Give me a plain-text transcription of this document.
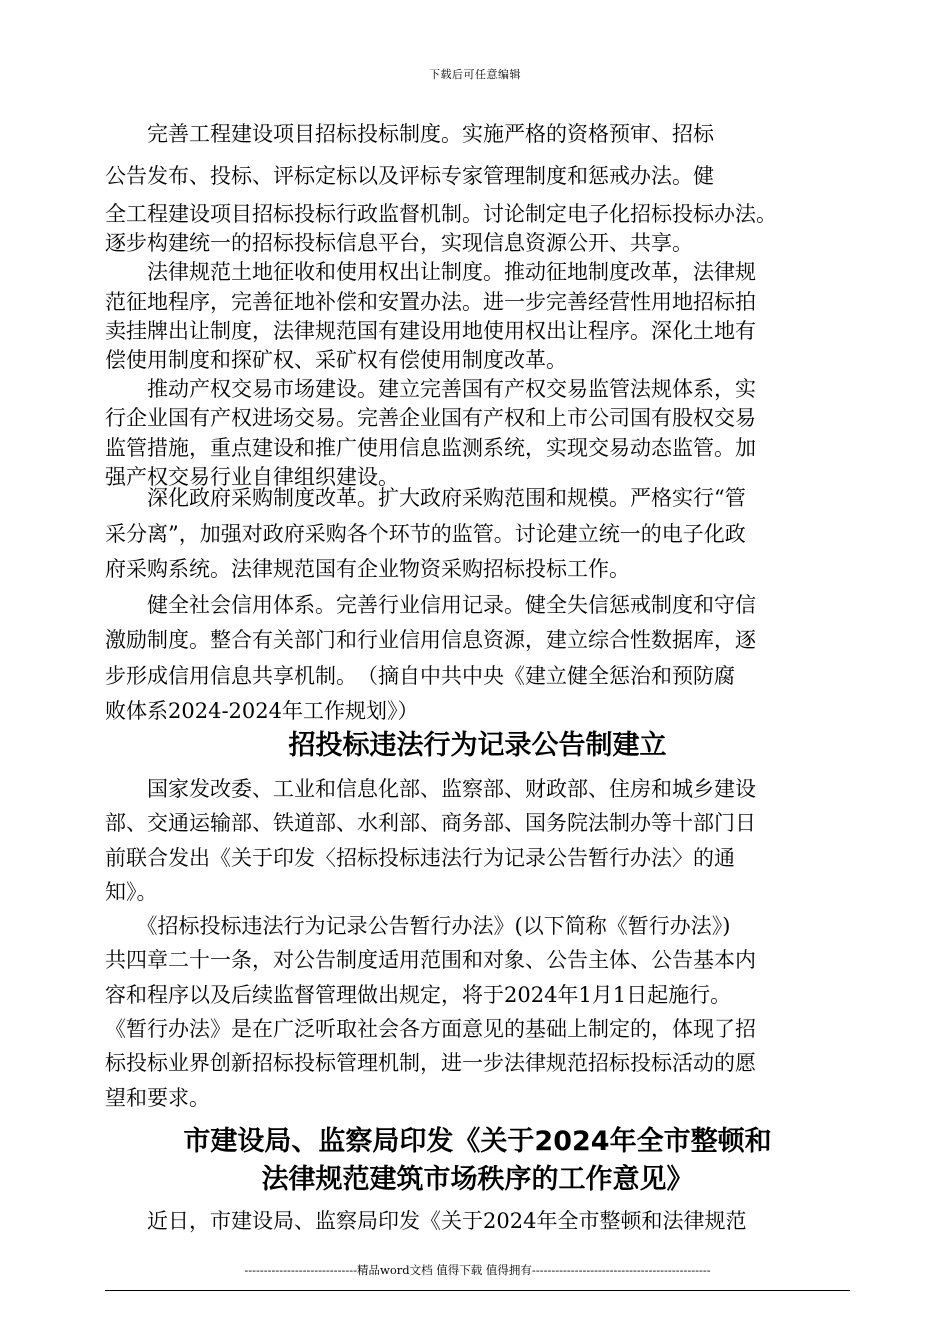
下载后可任意编辑
　　完善工程建设项目招标投标制度。实施严格的资格预审、招标
公告发布、投标、评标定标以及评标专家管理制度和惩戒办法。健
全工程建设项目招标投标行政监督机制。讨论制定电子化招标投标办法。
逐步构建统一的招标投标信息平台，实现信息资源公开、共享。
　　法律规范土地征收和使用权出让制度。推动征地制度改革，法律规
范征地程序，完善征地补偿和安置办法。进一步完善经营性用地招标拍
卖挂牌出让制度，法律规范国有建设用地使用权出让程序。深化土地有
偿使用制度和探矿权、采矿权有偿使用制度改革。
　　推动产权交易市场建设。建立完善国有产权交易监管法规体系，实
行企业国有产权进场交易。完善企业国有产权和上市公司国有股权交易
监管措施，重点建设和推广使用信息监测系统，实现交易动态监管。加
强产权交易行业自律组织建设。
　　深化政府采购制度改革。扩大政府采购范围和规模。严格实行“管
采分离”，加强对政府采购各个环节的监管。讨论建立统一的电子化政
府采购系统。法律规范国有企业物资采购招标投标工作。
　　健全社会信用体系。完善行业信用记录。健全失信惩戒制度和守信
激励制度。整合有关部门和行业信用信息资源，建立综合性数据库，逐
步形成信用信息共享机制。　（摘自中共中央《建立健全惩治和预防腐
败体系2024-2024年工作规划》）
招投标违法行为记录公告制建立
　　国家发改委、工业和信息化部、监察部、财政部、住房和城乡建设
部、交通运输部、铁道部、水利部、商务部、国务院法制办等十部门日
前联合发出《关于印发〈招标投标违法行为记录公告暂行办法〉的通
知》。
　　《招标投标违法行为记录公告暂行办法》(以下简称《暂行办法》)
共四章二十一条，对公告制度适用范围和对象、公告主体、公告基本内
容和程序以及后续监督管理做出规定，将于2024年1月1日起施行。
《暂行办法》是在广泛听取社会各方面意见的基础上制定的，体现了招
标投标业界创新招标投标管理机制，进一步法律规范招标投标活动的愿
望和要求。
市建设局、监察局印发《关于2024年全市整顿和
法律规范建筑市场秩序的工作意见》
　　近日，市建设局、监察局印发《关于2024年全市整顿和法律规范
-----------------------------精品word文档 值得下载 值得拥有----------------------------------------------
